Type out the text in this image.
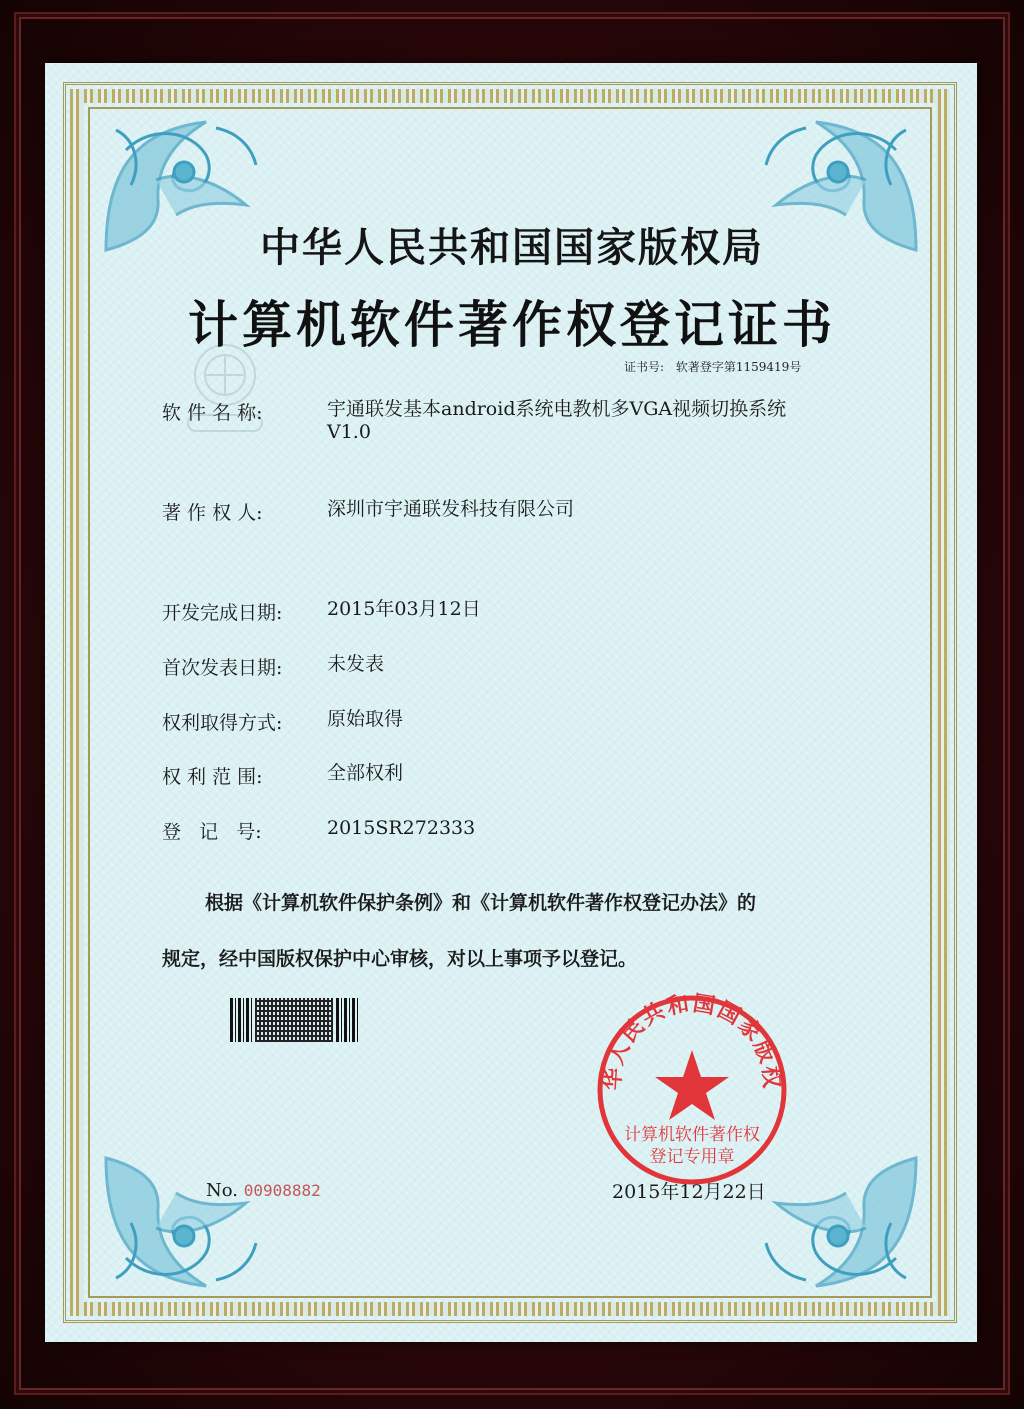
中华人民共和国国家版权局
计算机软件著作权登记证书
证书号: 软著登字第1159419号
软 件 名 称:	宇通联发基本android系统电教机多VGA视频切换系统
V1.0
著 作 权 人:	深圳市宇通联发科技有限公司
开发完成日期:	2015年03月12日
首次发表日期:	未发表
权利取得方式:	原始取得
权 利 范 围:	全部权利
登   记   号:	2015SR272333
根据《计算机软件保护条例》和《计算机软件著作权登记办法》的
规定，经中国版权保护中心审核，对以上事项予以登记。
No. 00908882
华人民共和国国家版权
计算机软件著作权
登记专用章
2015年12月22日
